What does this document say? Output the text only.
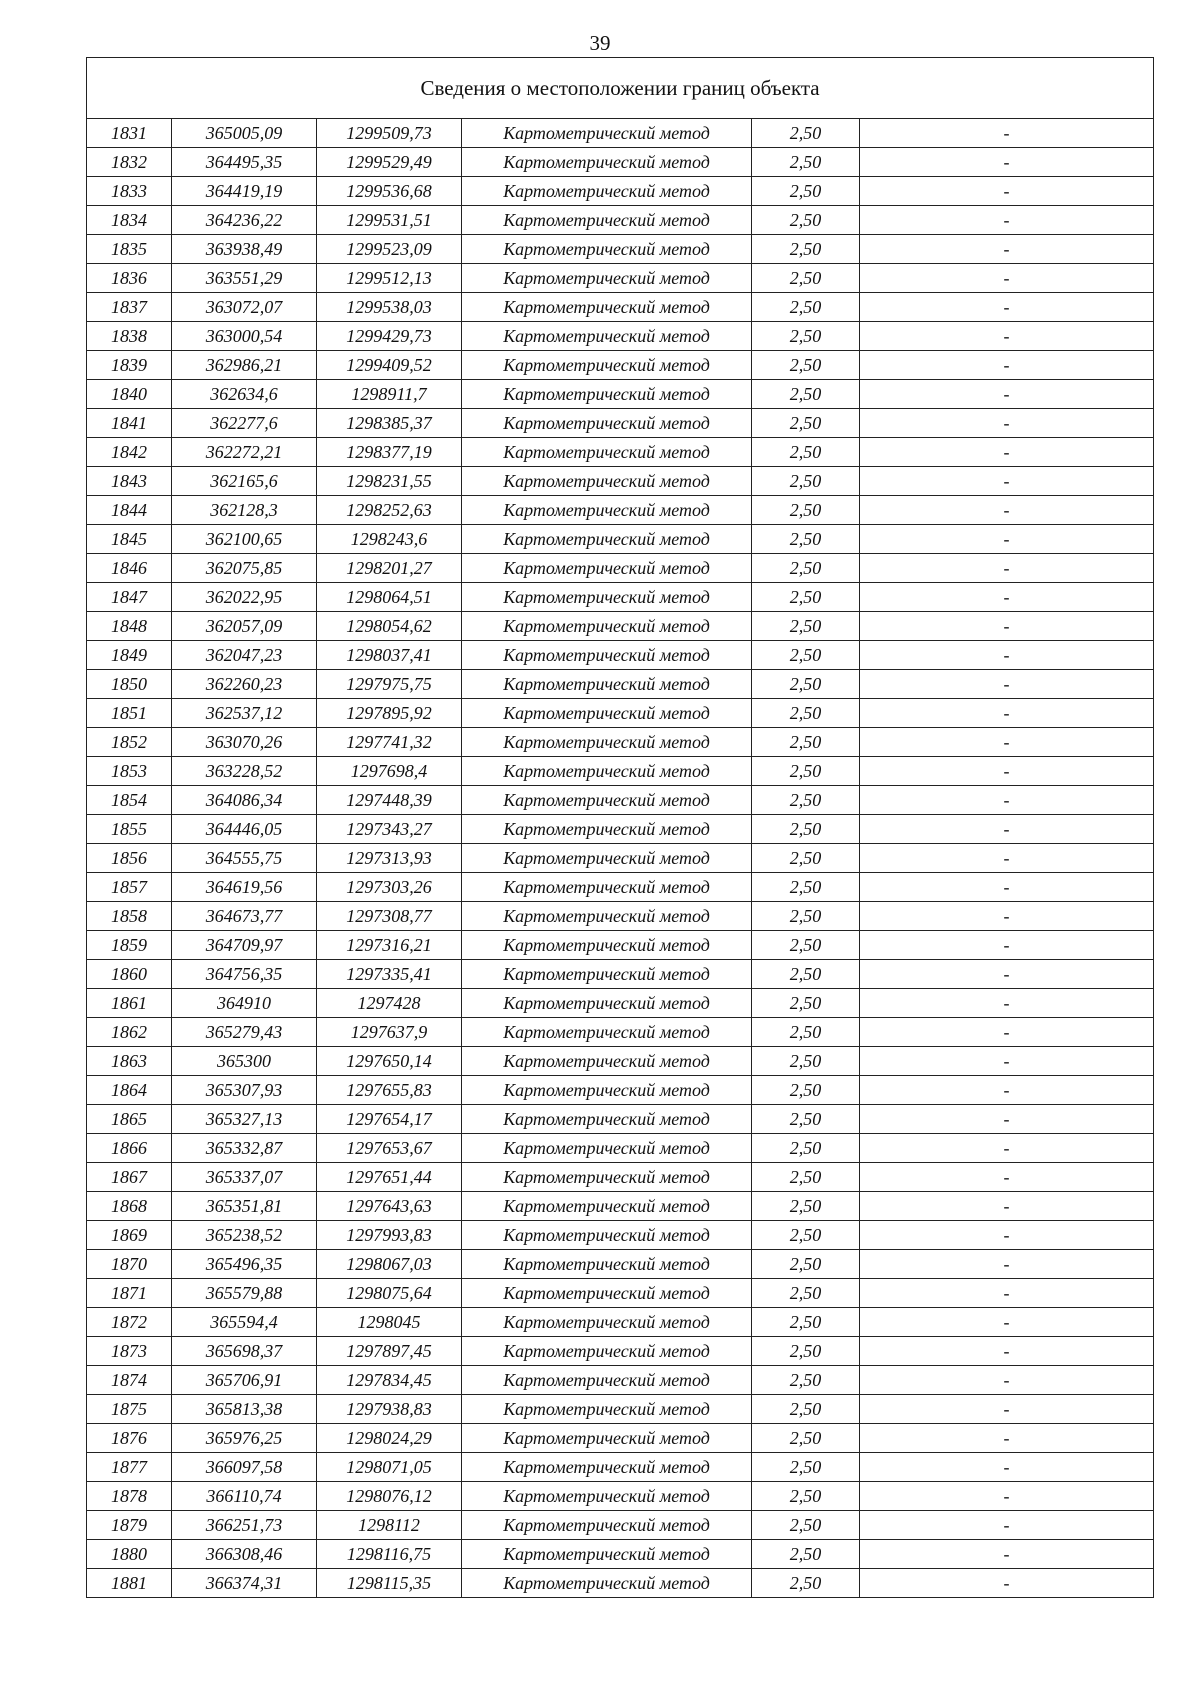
39
Сведения о местоположении границ объекта					
1831	365005,09	1299509,73	Картометрический метод	2,50	-
1832	364495,35	1299529,49	Картометрический метод	2,50	-
1833	364419,19	1299536,68	Картометрический метод	2,50	-
1834	364236,22	1299531,51	Картометрический метод	2,50	-
1835	363938,49	1299523,09	Картометрический метод	2,50	-
1836	363551,29	1299512,13	Картометрический метод	2,50	-
1837	363072,07	1299538,03	Картометрический метод	2,50	-
1838	363000,54	1299429,73	Картометрический метод	2,50	-
1839	362986,21	1299409,52	Картометрический метод	2,50	-
1840	362634,6	1298911,7	Картометрический метод	2,50	-
1841	362277,6	1298385,37	Картометрический метод	2,50	-
1842	362272,21	1298377,19	Картометрический метод	2,50	-
1843	362165,6	1298231,55	Картометрический метод	2,50	-
1844	362128,3	1298252,63	Картометрический метод	2,50	-
1845	362100,65	1298243,6	Картометрический метод	2,50	-
1846	362075,85	1298201,27	Картометрический метод	2,50	-
1847	362022,95	1298064,51	Картометрический метод	2,50	-
1848	362057,09	1298054,62	Картометрический метод	2,50	-
1849	362047,23	1298037,41	Картометрический метод	2,50	-
1850	362260,23	1297975,75	Картометрический метод	2,50	-
1851	362537,12	1297895,92	Картометрический метод	2,50	-
1852	363070,26	1297741,32	Картометрический метод	2,50	-
1853	363228,52	1297698,4	Картометрический метод	2,50	-
1854	364086,34	1297448,39	Картометрический метод	2,50	-
1855	364446,05	1297343,27	Картометрический метод	2,50	-
1856	364555,75	1297313,93	Картометрический метод	2,50	-
1857	364619,56	1297303,26	Картометрический метод	2,50	-
1858	364673,77	1297308,77	Картометрический метод	2,50	-
1859	364709,97	1297316,21	Картометрический метод	2,50	-
1860	364756,35	1297335,41	Картометрический метод	2,50	-
1861	364910	1297428	Картометрический метод	2,50	-
1862	365279,43	1297637,9	Картометрический метод	2,50	-
1863	365300	1297650,14	Картометрический метод	2,50	-
1864	365307,93	1297655,83	Картометрический метод	2,50	-
1865	365327,13	1297654,17	Картометрический метод	2,50	-
1866	365332,87	1297653,67	Картометрический метод	2,50	-
1867	365337,07	1297651,44	Картометрический метод	2,50	-
1868	365351,81	1297643,63	Картометрический метод	2,50	-
1869	365238,52	1297993,83	Картометрический метод	2,50	-
1870	365496,35	1298067,03	Картометрический метод	2,50	-
1871	365579,88	1298075,64	Картометрический метод	2,50	-
1872	365594,4	1298045	Картометрический метод	2,50	-
1873	365698,37	1297897,45	Картометрический метод	2,50	-
1874	365706,91	1297834,45	Картометрический метод	2,50	-
1875	365813,38	1297938,83	Картометрический метод	2,50	-
1876	365976,25	1298024,29	Картометрический метод	2,50	-
1877	366097,58	1298071,05	Картометрический метод	2,50	-
1878	366110,74	1298076,12	Картометрический метод	2,50	-
1879	366251,73	1298112	Картометрический метод	2,50	-
1880	366308,46	1298116,75	Картометрический метод	2,50	-
1881	366374,31	1298115,35	Картометрический метод	2,50	-
